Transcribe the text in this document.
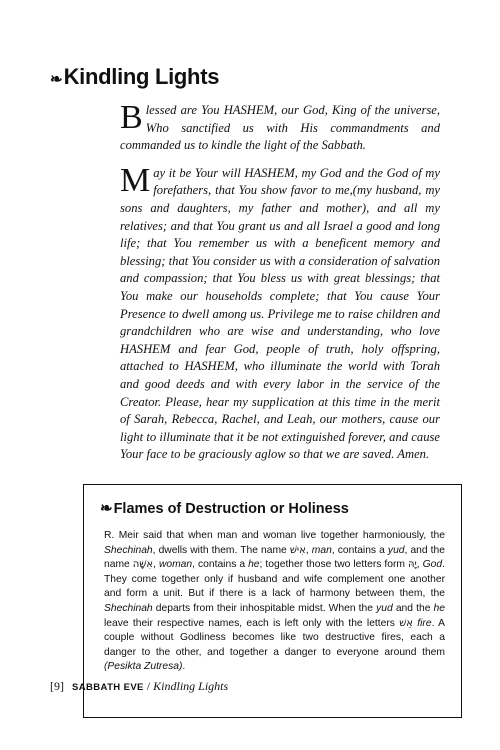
❧ Kindling Lights

Blessed are You HASHEM, our God, King of the universe, Who sanctified us with His commandments and commanded us to kindle the light of the Sabbath.

May it be Your will HASHEM, my God and the God of my forefathers, that You show favor to me,(my husband, my sons and daughters, my father and mother), and all my relatives; and that You grant us and all Israel a good and long life; that You remember us with a beneficent memory and blessing; that You consider us with a consideration of salvation and compassion; that You bless us with great blessings; that You make our households complete; that You cause Your Presence to dwell among us. Privilege me to raise children and grandchildren who are wise and understanding, who love HASHEM and fear God, people of truth, holy offspring, attached to HASHEM, who illuminate the world with Torah and good deeds and with every labor in the service of the Creator. Please, hear my supplication at this time in the merit of Sarah, Rebecca, Rachel, and Leah, our mothers, cause our light to illuminate that it be not extinguished forever, and cause Your face to be graciously aglow so that we are saved. Amen.

❧ Flames of Destruction or Holiness

R. Meir said that when man and woman live together harmoniously, the Shechinah, dwells with them. The name אִישׁ, man, contains a yud, and the name אִשָּׁה, woman, contains a he; together those two letters form יָהּ, God. They come together only if husband and wife complement one another and form a unit. But if there is a lack of harmony between them, the Shechinah departs from their inhospitable midst. When the yud and the he leave their respective names, each is left only with the letters אֵשׁ fire. A couple without Godliness becomes like two destructive fires, each a danger to the other, and together a danger to everyone around them (Pesikta Zutresa).

[9] SABBATH EVE / Kindling Lights
